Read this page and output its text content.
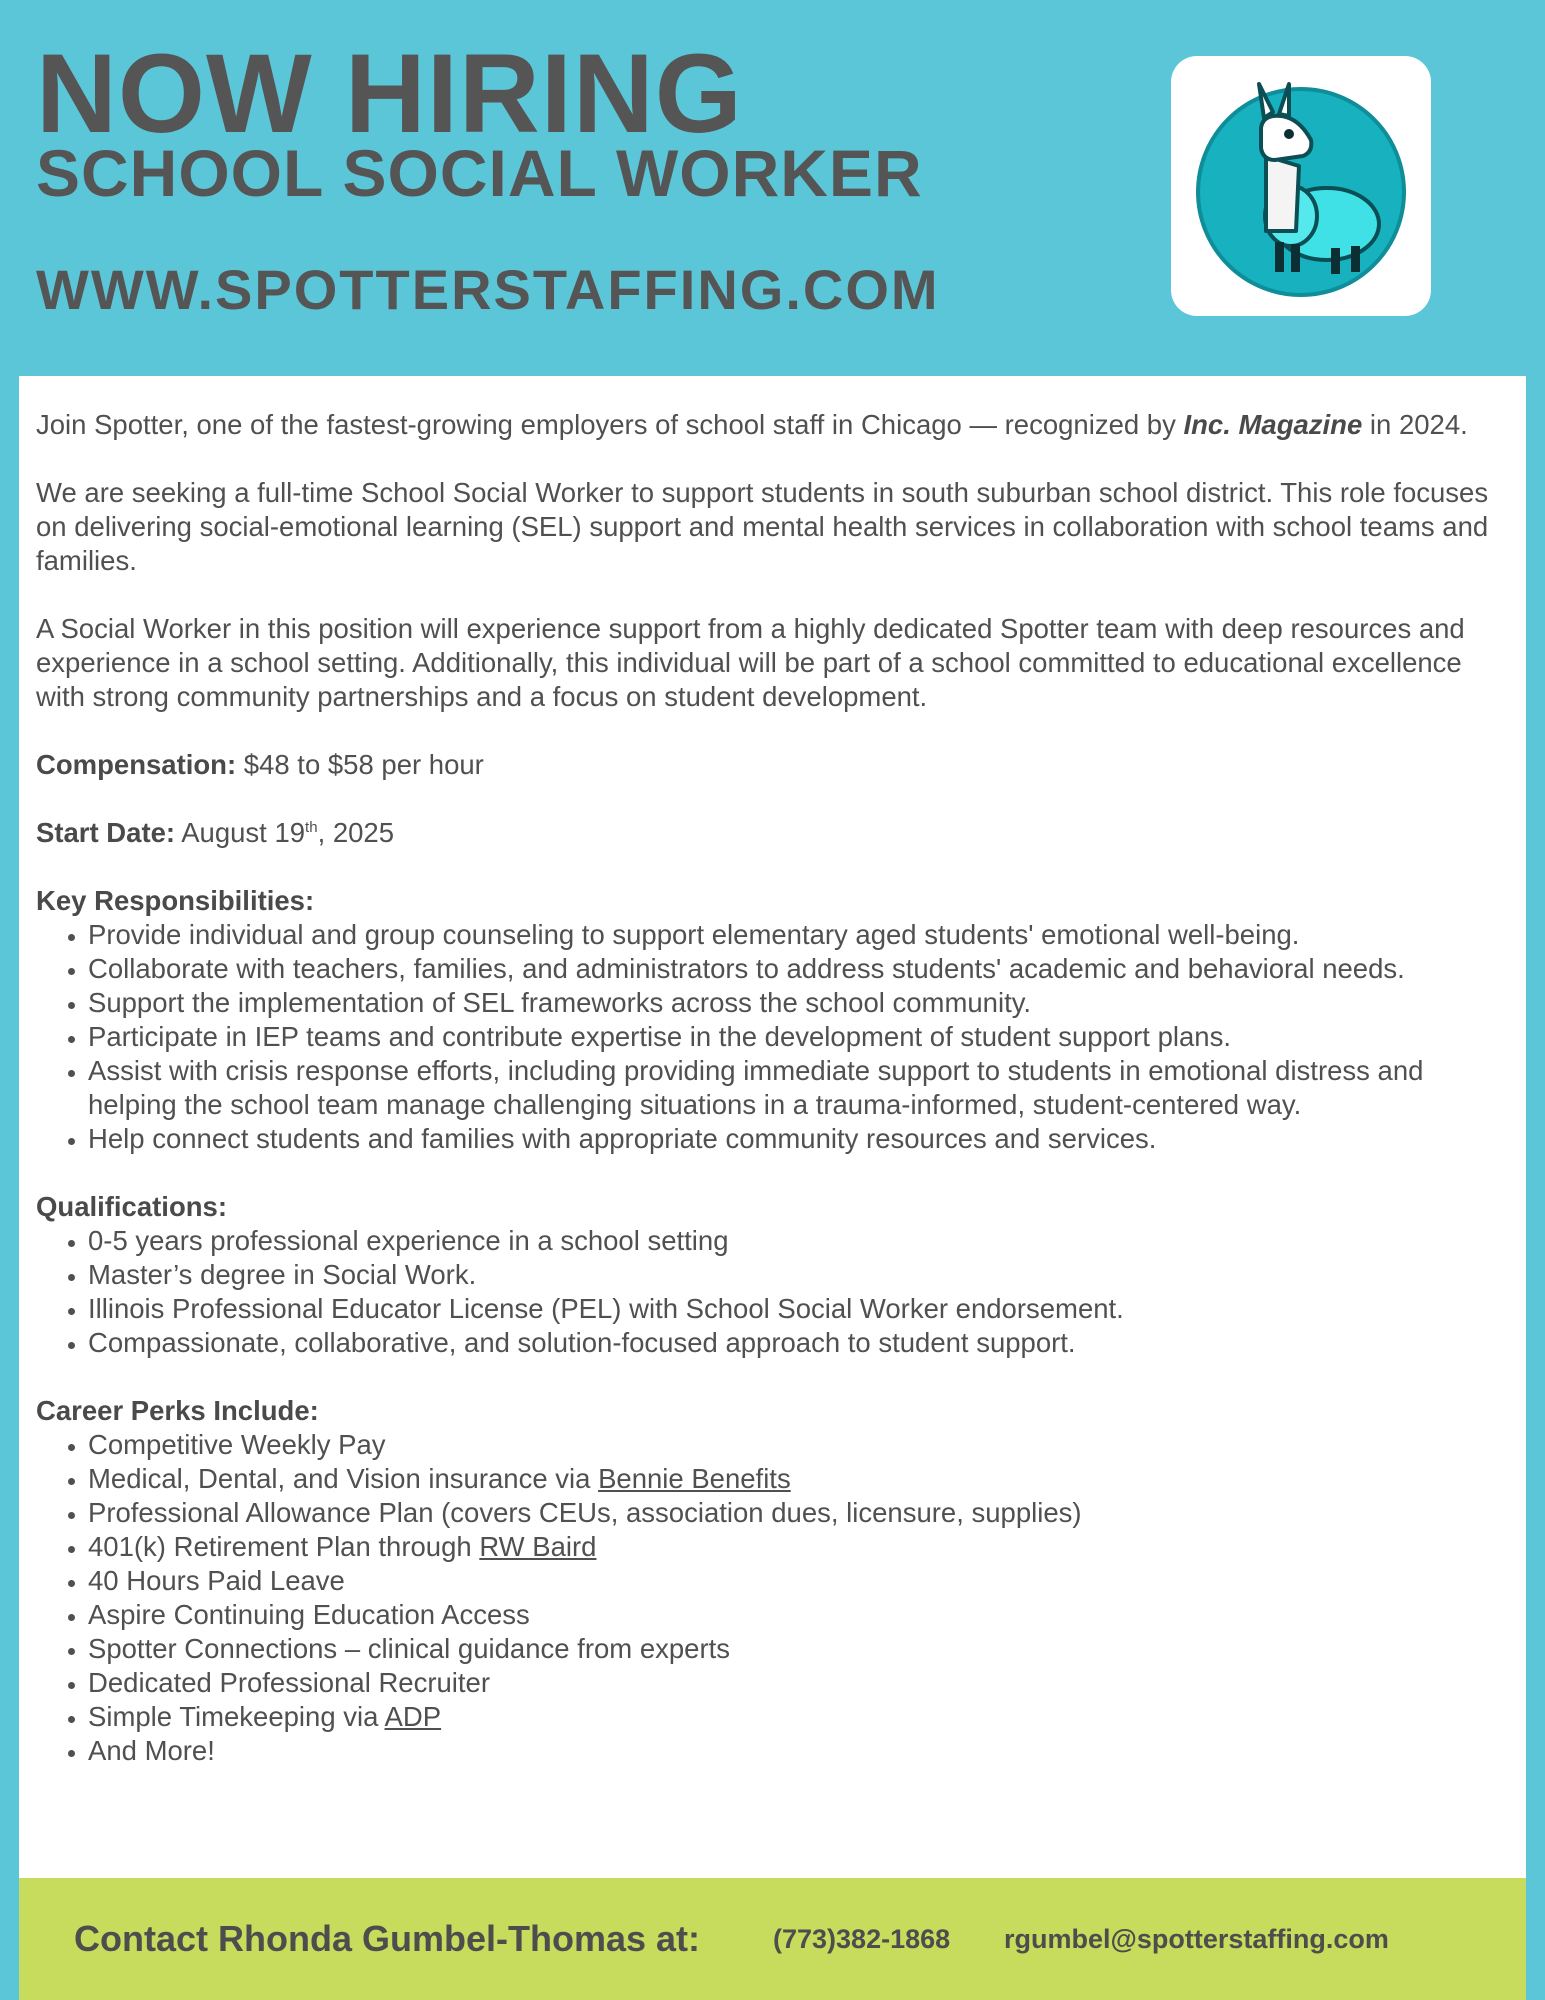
NOW HIRING
SCHOOL SOCIAL WORKER
WWW.SPOTTERSTAFFING.COM

Join Spotter, one of the fastest-growing employers of school staff in Chicago — recognized by Inc. Magazine in 2024.

We are seeking a full-time School Social Worker to support students in south suburban school district. This role focuses on delivering social-emotional learning (SEL) support and mental health services in collaboration with school teams and families.

A Social Worker in this position will experience support from a highly dedicated Spotter team with deep resources and experience in a school setting. Additionally, this individual will be part of a school committed to educational excellence with strong community partnerships and a focus on student development.

Compensation: $48 to $58 per hour

Start Date: August 19th, 2025

Key Responsibilities:
• Provide individual and group counseling to support elementary aged students' emotional well-being.
• Collaborate with teachers, families, and administrators to address students' academic and behavioral needs.
• Support the implementation of SEL frameworks across the school community.
• Participate in IEP teams and contribute expertise in the development of student support plans.
• Assist with crisis response efforts, including providing immediate support to students in emotional distress and helping the school team manage challenging situations in a trauma-informed, student-centered way.
• Help connect students and families with appropriate community resources and services.
Qualifications:
• 0-5 years professional experience in a school setting
• Master’s degree in Social Work.
• Illinois Professional Educator License (PEL) with School Social Worker endorsement.
• Compassionate, collaborative, and solution-focused approach to student support.
Career Perks Include:
• Competitive Weekly Pay
• Medical, Dental, and Vision insurance via Bennie Benefits
• Professional Allowance Plan (covers CEUs, association dues, licensure, supplies)
• 401(k) Retirement Plan through RW Baird
• 40 Hours Paid Leave
• Aspire Continuing Education Access
• Spotter Connections – clinical guidance from experts
• Dedicated Professional Recruiter
• Simple Timekeeping via ADP
• And More!
Contact Rhonda Gumbel-Thomas at:	(773)382-1868 rgumbel@spotterstaffing.com
